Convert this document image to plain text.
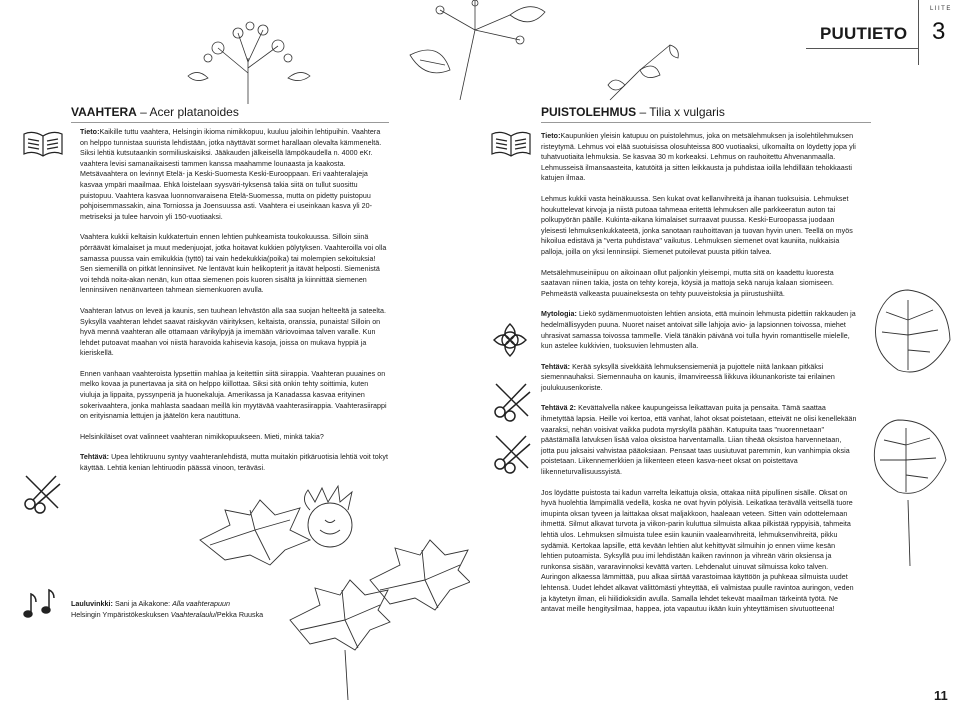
LIITE
3
PUUTIETO
VAAHTERA – Acer platanoides	PUISTOLEHMUS – Tilia x vulgaris

Tieto:Kaikille tuttu vaahtera, Helsingin ikioma nimikkopuu, kuuluu jaloihin lehtipuihin. Vaahtera on helppo tunnistaa suurista lehdistään, jotka näyttävät sormet harallaan olevalta kämmeneltä. Siksi lehtiä kutsutaankin sormiliuskaisiksi. Jääkauden jälkeisellä lämpökaudella n. 4000 eKr. vaahtera levisi samanaikaisesti tammen kanssa maahamme lounaasta ja kaakosta. Metsävaahtera on levinnyt Etelä- ja Keski-Suomesta Keski-Eurooppaan. Eri vaahteralajeja kasvaa ympäri maailmaa. Ehkä loistelaan syysväri-tyksensä takia siitä on tullut suosittu puistopuu. Vaahtera kasvaa luonnonvaraisena Etelä-Suomessa, mutta on pidetty puistopuu pohjoisemmassakin, aina Torniossa ja Joensuussa asti. Vaahtera ei useinkaan kasva yli 20-metriseksi ja tulee harvoin yli 150-vuotiaaksi.

Vaahtera kukkii keltaisin kukkatertuin ennen lehtien puhkeamista toukokuussa. Silloin siinä pörräävät kimalaiset ja muut medenjuojat, jotka hoitavat kukkien pölytyksen. Vaahteroilla voi olla samassa puussa vain emikukkia (tyttö) tai vain hedekukkia(poika) tai molempien sekoituksia! Sen siemenillä on pitkät lenninsiivet. Ne lentävät kuin helikopterit ja itävät helposti. Siemenistä voi tehdä noita-akan nenän, kun ottaa siemenen pois kuoren sisältä ja kiinnittää siemenen lenninsiiven nenänvarteen tahmean siemenkuoren avulla.

Vaahteran latvus on leveä ja kaunis, sen tuuhean lehvästön alla saa suojan helteeltä ja sateelta. Syksyllä vaahteran lehdet saavat räiskyvän väirityksen, keltaista, oranssia, punaista! Silloin on hyvä mennä vaahteran alle ottamaan värikylpyjä ja imemään väriovoimaa talven varalle. Kun lehdet putoavat maahan voi niistä haravoida kahisevia kasoja, joissa on mukava hyppiä ja kieriskellä.

Ennen vanhaan vaahteroista lypsettiin mahlaa ja keitettiin siitä siirappia. Vaahteran puuaines on melko kovaa ja punertavaa ja sitä on helppo kiillottaa. Siksi sitä onkin tehty soittimia, kuten viuluja ja lippaita, pyssynperiä ja huonekaluja. Amerikassa ja Kanadassa kasvaa erityinen sokerivaahtera, jonka mahlasta saadaan meillä kin myytävää vaahterasiirappia. Vaahterasiirappi on erityisnamia lettujen ja jäätelön kera nautittuna.

Helsinkiläiset ovat valinneet vaahteran nimikkopuukseen. Mieti, minkä takia?

Tehtävä: Upea lehtikruunu syntyy vaahteranlehdistä, mutta muitakin pitkäruotisia lehtiä voit tokyt käyttää. Lehtiä kenian lehtiruodin päässä vinoon, teräväsi.

Lauluvinkki: Sani ja Aikakone: Alla vaahterapuun
Helsingin Ympäristökeskuksen Vaahteralaulu/Pekka Ruuska

Tieto:Kaupunkien yleisin katupuu on puistolehmus, joka on metsälehmuksen ja isolehtilehmuksen risteytymä. Lehmus voi elää suotuisissa olosuhteissa 800 vuotiaaksi, ulkomailta on löydetty jopa yli tuhatvuotiaita lehmuksia. Se kasvaa 30 m korkeaksi. Lehmus on rauhoitettu Ahvenanmaalla. Lehmusseisä ilmansaasteita, katutöitä ja sitten leikkausta ja puhdistaa ioilla lehdillään tehokkaasti katujen ilmaa.

Lehmus kukkii vasta heinäkuussa. Sen kukat ovat kellanvihreitä ja ihanan tuoksuisia. Lehmukset houkuttelevat kirvoja ja niistä putoaa tahmeaa eritettä lehmuksen alle parkkeeratun auton tai polkupyörän päälle. Kukinta-aikana kimalaiset surraavat puussa. Keski-Euroopassa juodaan yleisesti lehmuksenkukkateetä, jonka sanotaan rauhoittavan ja tuovan hyvin unen. Teellä on myös hikoilua edistävä ja "verta puhdistava" vaikutus. Lehmuksen siemenet ovat kauniita, nukkaisia palloja, joilla on yksi lenninsiipi. Siemenet putoilevat puusta pitkin talvea.

Metsälehmuseiniipuu on aikoinaan ollut paljonkin yleisempi, mutta sitä on kaadettu kuoresta saatavan niinen takia, josta on tehty koreja, köysiä ja mattoja sekä naruja kalaan siomiseen. Pehmeästä valkeasta puuaineksesta on tehty puuveistoksia ja piirustushiiltä.

Mytologia: Liekö sydämenmuotoisten lehtien ansiota, että muinoin lehmusta pidettiin rakkauden ja hedelmällisyyden puuna. Nuoret naiset antoivat sille lahjoja avio- ja lapsionnen toivossa, miehet uhrasivat samassa toivossa tammelle. Vielä tänäkin päivänä voi tulla hyvin romanttiselle mielelle, kun astelee kukkivien, tuoksuvien lehmusten alla.

Tehtävä: Kerää syksyllä sivekkäitä lehmuksensiemeniä ja pujottele niitä lankaan pitkäksi siemennauhaksi. Siemennauha on kaunis, ilmanvireessä liikkuva ikkunankoriste tai erilainen joulukuusenkoriste.

Tehtävä 2: Kevättalvella näkee kaupungeissa leikattavan puita ja pensaita. Tämä saattaa ihmetyttää lapsia. Heille voi kertoa, että vanhat, lahot oksat poistetaan, etteivät ne olisi kenellekään vaaraksi, nehän voisivat vaikka pudota myrskyllä päähän. Katupuita taas "nuorennetaan" päästämällä latvuksen lisää valoa oksistoa harventamalla. Liian tiheää oksistoa harvennetaan, jotta puu jaksaisi vahvistaa pääoksiaan. Pensaat taas uusiutuvat paremmin, kun vanhimpia oksia poistetaan. Liikennemerkkien ja liikenteen eteen kasva-neet oksat on poistettava liikenneturvallisuussyistä.

Jos löydätte puistosta tai kadun varrelta leikattuja oksia, ottakaa niitä pipullinen sisälle. Oksat on hyvä huolehtia lämpimällä vedellä, koska ne ovat hyvin pölyisiä. Leikatkaa terävällä veitsellä tuore imupinta oksan tyveen ja laittakaa oksat maljakkoon, haaleaan veteen. Sitten vain odottelemaan ihmettä. Silmut alkavat turvota ja viikon-parin kuluttua silmuista alkaa pilkistää ryppyisiä, tahmeita lehtiä ulos. Lehmuksen silmuista tulee esiin kauniin vaaleanvihreitä, lehmuksenvihreitä, pikku sydämiä. Kertokaa lapsille, että kevään lehtien alut kehittyvät silmuihin jo ennen viime kesän lehtien putoamista. Syksyllä puu imi lehdistään kaiken ravinnon ja vihreän värin oksiensa ja runkonsa sisään, vararavinnoksi kevättä varten. Lehdenalut uinuvat silmuissa koko talven. Auringon alkaessa lämmittää, puu alkaa siirtää varastoimaa käyttöön ja puhkeaa silmuista uudet lehtensä. Uudet lehdet alkavat välittömästi yhteyttää, eli valmistaa puulle ravintoa auringon, veden ja käytetyn ilman, eli hiilidioksidin avulla. Samalla lehdet tekevät maailman tärkeintä työtä. Ne antavat meille hengitysilmaa, happea, jota vapautuu ikään kuin yhteyttämisen sivutuotteena!

11
